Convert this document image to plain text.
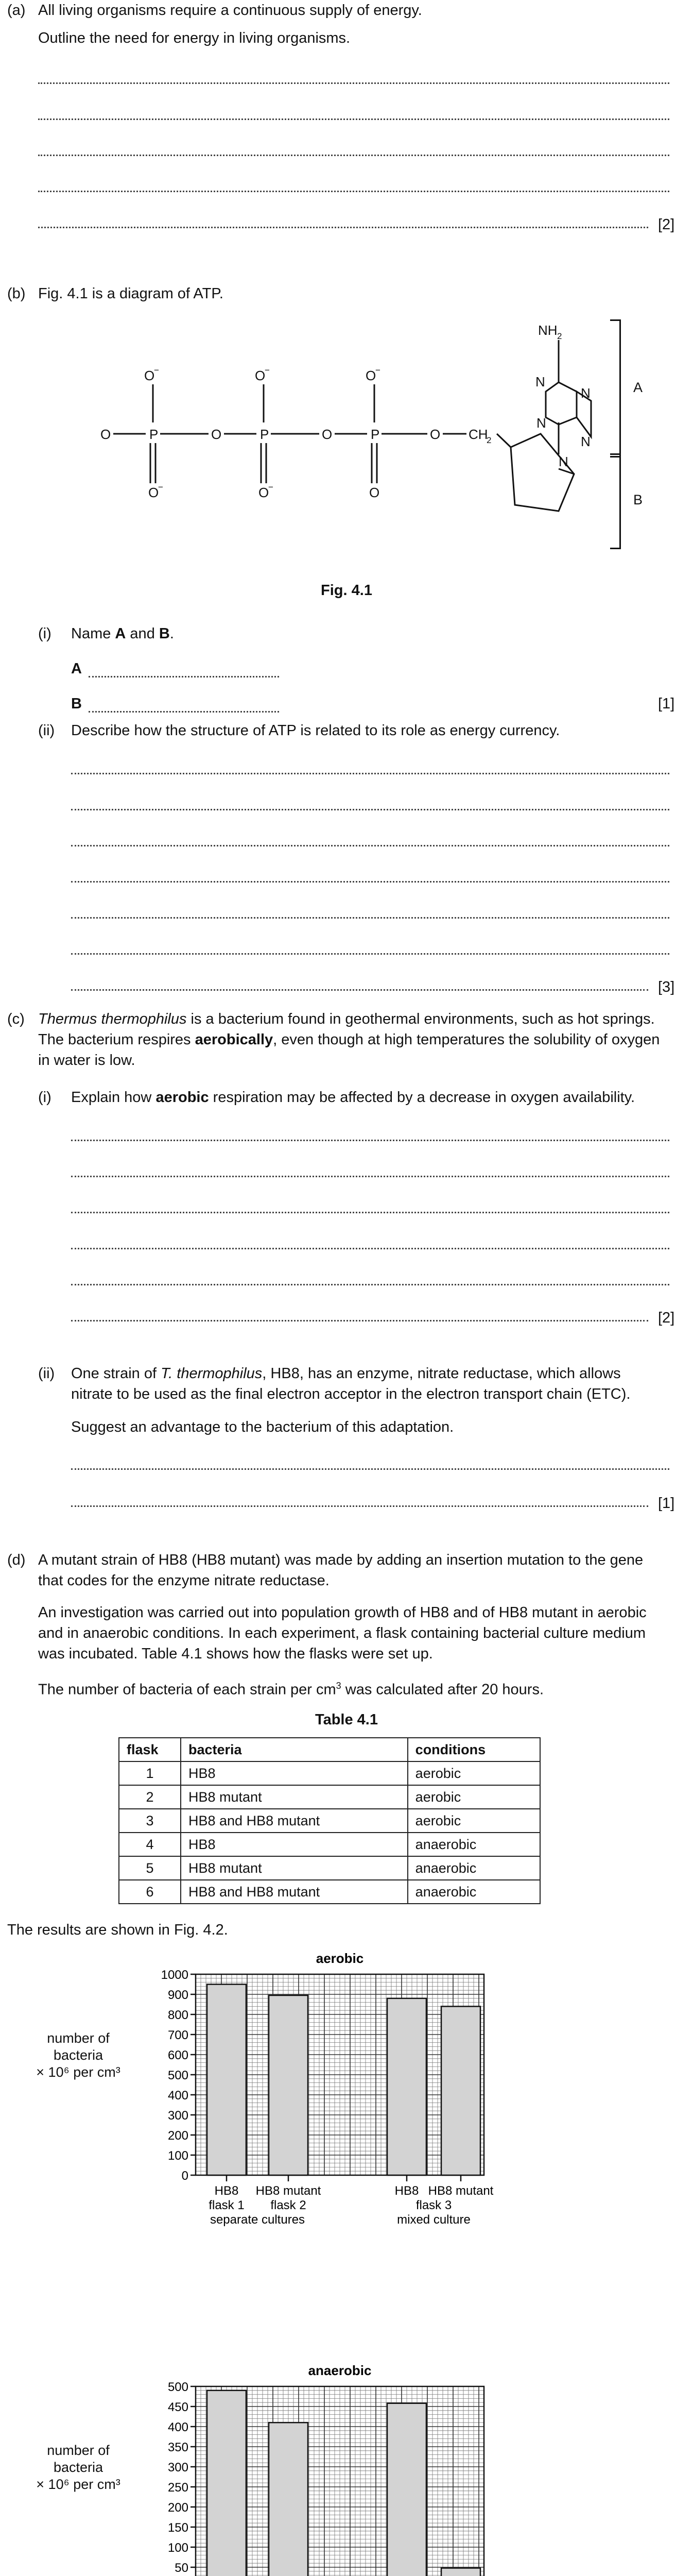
(a) All living organisms require a continuous supply of energy.
Outline the need for energy in living organisms.
[2]
(b) Fig. 4.1 is a diagram of ATP.
O	P	O	P	O	P	O CH
2
O
−	O
−	O
−
O
−	O
−	O
N
N
N
N
N
NH 2
A
B
Fig. 4.1
(i) Name A and B.
A
B	[1]
(ii) Describe how the structure of ATP is related to its role as energy currency.
[3]
(c) Thermus thermophilus is a bacterium found in geothermal environments, such as hot springs.
The bacterium respires aerobically, even though at high temperatures the solubility of oxygen
in water is low.
(i) Explain how aerobic respiration may be affected by a decrease in oxygen availability.
[2]
(ii) One strain of T. thermophilus, HB8, has an enzyme, nitrate reductase, which allows
nitrate to be used as the final electron acceptor in the electron transport chain (ETC).
Suggest an advantage to the bacterium of this adaptation.
[1]
(d) A mutant strain of HB8 (HB8 mutant) was made by adding an insertion mutation to the gene
that codes for the enzyme nitrate reductase.
An investigation was carried out into population growth of HB8 and of HB8 mutant in aerobic
and in anaerobic conditions. In each experiment, a flask containing bacterial culture medium
was incubated. Table 4.1 shows how the flasks were set up.
The number of bacteria of each strain per $cm^3$ was calculated after 20 hours.
Table 4.1
flask	bacteria	conditions
1	HB8	aerobic
2	HB8 mutant	aerobic
3	HB8 and HB8 mutant	aerobic
4	HB8	anaerobic
5	HB8 mutant	anaerobic
6	HB8 and HB8 mutant	anaerobic
The results are shown in Fig. 4.2.
number of
bacteria
× 10⁶ per cm³
aerobic
0
100
200
300
400
500
600
700
800
900
1000
HB8 HB8 mutant	HB8 HB8 mutant
flask 1 flask 2
separate cultures
flask 3
mixed culture
number of
bacteria
× 10⁶ per cm³
anaerobic
50
100
150
200
250
300
350
400
450
500
